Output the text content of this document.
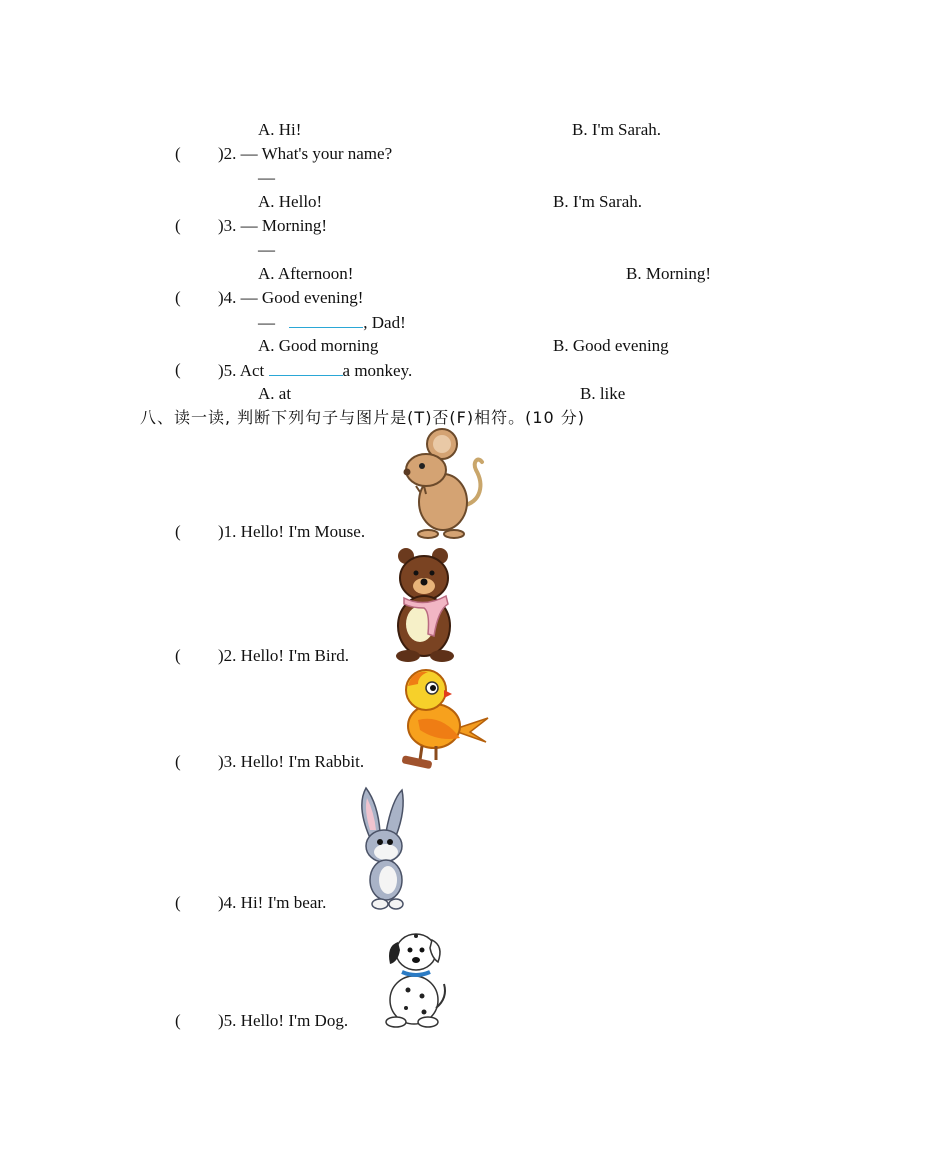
A. Hi!	B. I'm Sarah.
( )2. — What's your name?
—
A. Hello!	B. I'm Sarah.
( )3. — Morning!
—
A. Afternoon!	B. Morning!
( )4. — Good evening!
—	, Dad!
A. Good morning	B. Good evening
( )5. Act	a monkey.
A. at	B. like
八、读一读, 判断下列句子与图片是(T)否(F)相符。(10 分)
( )1. Hello! I'm Mouse.
( )2. Hello! I'm Bird.
( )3. Hello! I'm Rabbit.
( )4. Hi! I'm bear.
( )5. Hello! I'm Dog.
